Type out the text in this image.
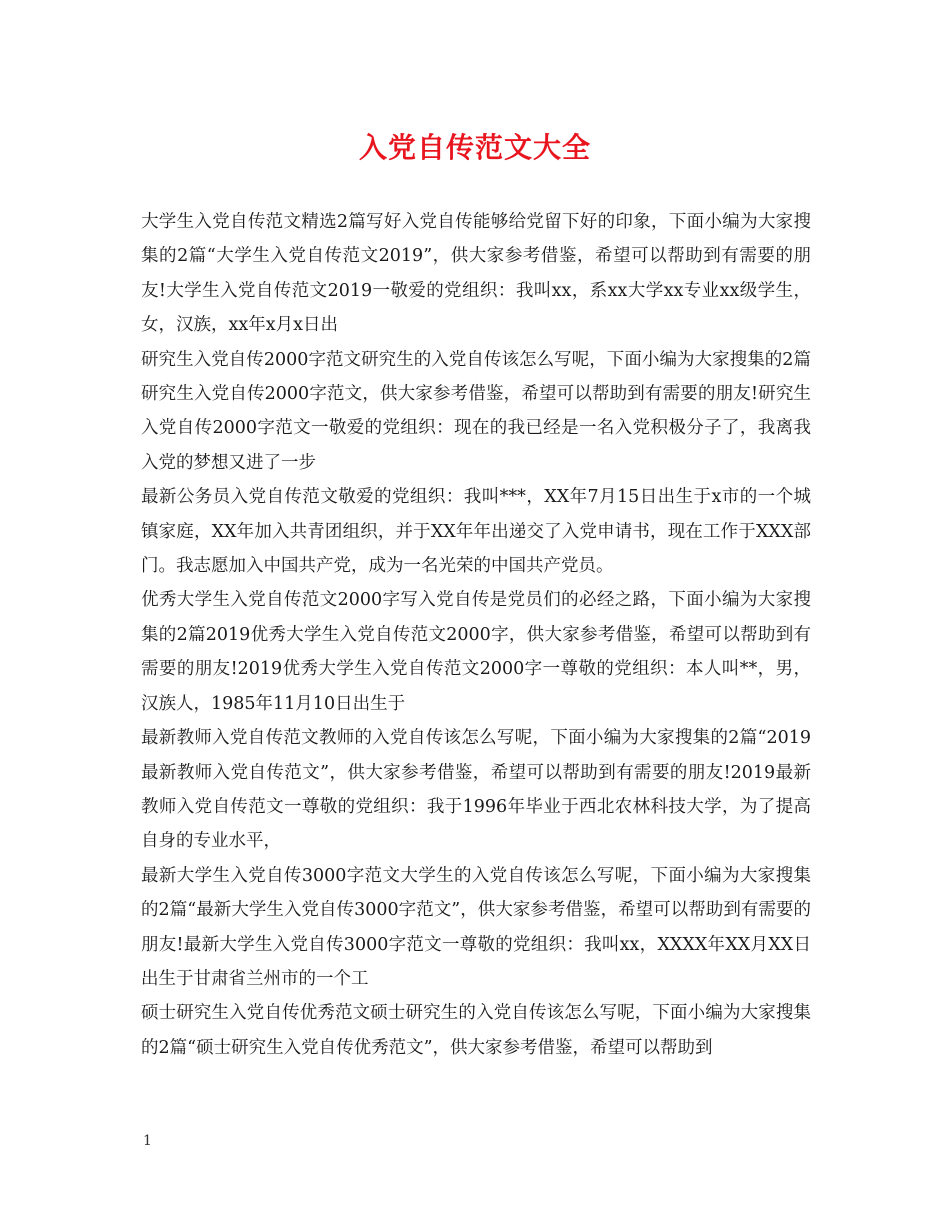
入党自传范文大全

大学生入党自传范文精选2篇写好入党自传能够给党留下好的印象，下面小编为大家搜集的2篇“大学生入党自传范文2019”，供大家参考借鉴，希望可以帮助到有需要的朋友!大学生入党自传范文2019一敬爱的党组织：我叫xx，系xx大学xx专业xx级学生，女，汉族，xx年x月x日出

研究生入党自传2000字范文研究生的入党自传该怎么写呢，下面小编为大家搜集的2篇研究生入党自传2000字范文，供大家参考借鉴，希望可以帮助到有需要的朋友!研究生入党自传2000字范文一敬爱的党组织：现在的我已经是一名入党积极分子了，我离我入党的梦想又进了一步

最新公务员入党自传范文敬爱的党组织：我叫***，XX年7月15日出生于x市的一个城镇家庭，XX年加入共青团组织，并于XX年年出递交了入党申请书，现在工作于XXX部门。我志愿加入中国共产党，成为一名光荣的中国共产党员。

优秀大学生入党自传范文2000字写入党自传是党员们的必经之路，下面小编为大家搜集的2篇2019优秀大学生入党自传范文2000字，供大家参考借鉴，希望可以帮助到有需要的朋友!2019优秀大学生入党自传范文2000字一尊敬的党组织：本人叫**，男，汉族人，1985年11月10日出生于

最新教师入党自传范文教师的入党自传该怎么写呢，下面小编为大家搜集的2篇“2019最新教师入党自传范文”，供大家参考借鉴，希望可以帮助到有需要的朋友!2019最新教师入党自传范文一尊敬的党组织：我于1996年毕业于西北农林科技大学，为了提高自身的专业水平，

最新大学生入党自传3000字范文大学生的入党自传该怎么写呢，下面小编为大家搜集的2篇“最新大学生入党自传3000字范文”，供大家参考借鉴，希望可以帮助到有需要的朋友!最新大学生入党自传3000字范文一尊敬的党组织：我叫xx，XXXX年XX月XX日出生于甘肃省兰州市的一个工

硕士研究生入党自传优秀范文硕士研究生的入党自传该怎么写呢，下面小编为大家搜集的2篇“硕士研究生入党自传优秀范文”，供大家参考借鉴，希望可以帮助到

1
